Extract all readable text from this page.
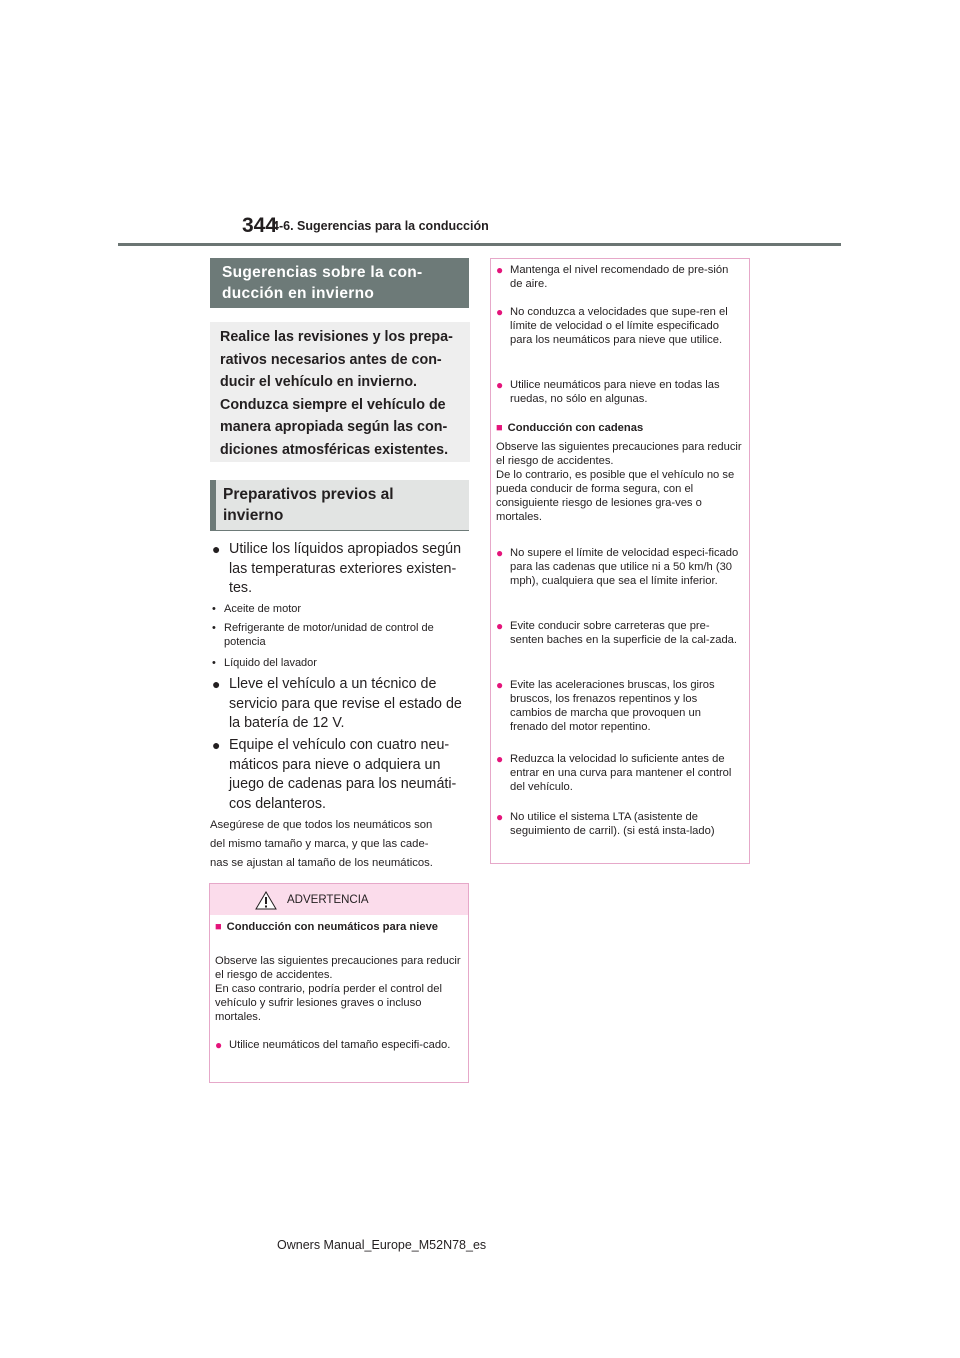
344
4-6. Sugerencias para la conducción
Sugerencias sobre la con-
ducción en invierno
Realice las revisiones y los prepa-
rativos necesarios antes de con-
ducir el vehículo en invierno.
Conduzca siempre el vehículo de
manera apropiada según las con-
diciones atmosféricas existentes.
Preparativos previos al
invierno
● Utilice los líquidos apropiados según las temperaturas exteriores existen-tes.
• Aceite de motor
• Refrigerante de motor/unidad de control de potencia
• Líquido del lavador
● Lleve el vehículo a un técnico de servicio para que revise el estado de la batería de 12 V.
● Equipe el vehículo con cuatro neu-máticos para nieve o adquiera un juego de cadenas para los neumáti-cos delanteros.
Asegúrese de que todos los neumáticos son
del mismo tamaño y marca, y que las cade-
nas se ajustan al tamaño de los neumáticos.
ADVERTENCIA
■ Conducción con neumáticos para nieve
Observe las siguientes precauciones para reducir el riesgo de accidentes.
En caso contrario, podría perder el control del vehículo y sufrir lesiones graves o incluso mortales.
● Utilice neumáticos del tamaño especifi-cado.
● Mantenga el nivel recomendado de pre-sión de aire.
● No conduzca a velocidades que supe-ren el límite de velocidad o el límite especificado para los neumáticos para nieve que utilice.
● Utilice neumáticos para nieve en todas las ruedas, no sólo en algunas.
■ Conducción con cadenas
Observe las siguientes precauciones para reducir el riesgo de accidentes.
De lo contrario, es posible que el vehículo no se pueda conducir de forma segura, con el consiguiente riesgo de lesiones gra-ves o mortales.
● No supere el límite de velocidad especi-ficado para las cadenas que utilice ni a 50 km/h (30 mph), cualquiera que sea el límite inferior.
● Evite conducir sobre carreteras que pre-senten baches en la superficie de la cal-zada.
● Evite las aceleraciones bruscas, los giros bruscos, los frenazos repentinos y los cambios de marcha que provoquen un frenado del motor repentino.
● Reduzca la velocidad lo suficiente antes de entrar en una curva para mantener el control del vehículo.
● No utilice el sistema LTA (asistente de seguimiento de carril). (si está insta-lado)
Owners Manual_Europe_M52N78_es
